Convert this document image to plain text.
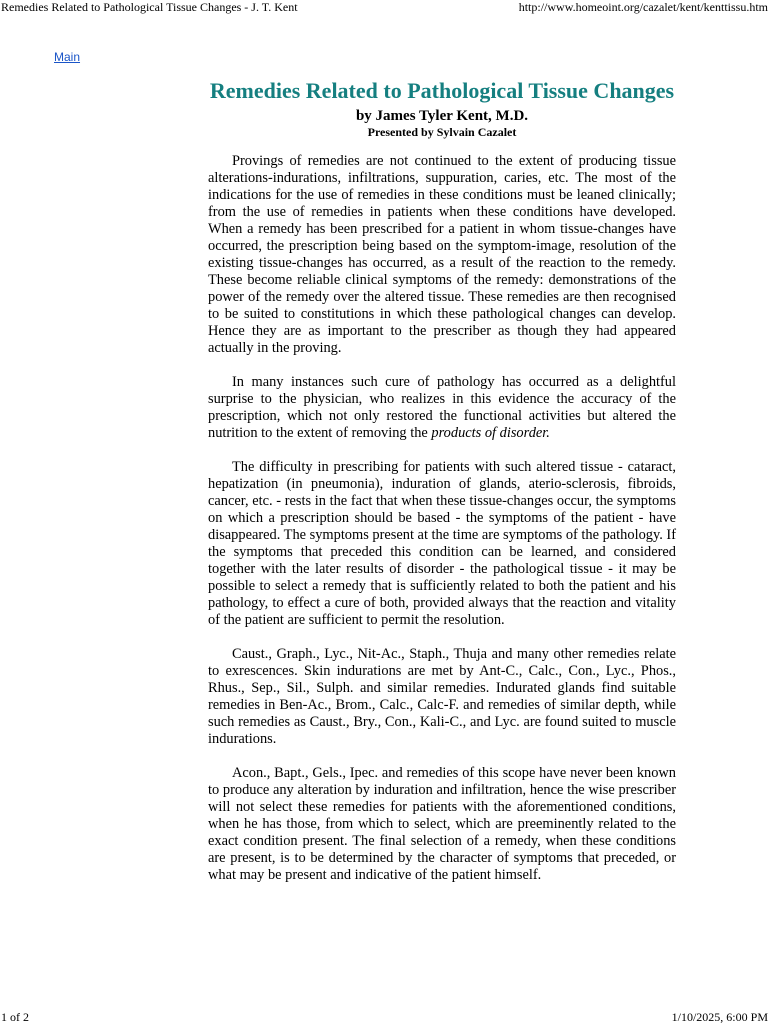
Remedies Related to Pathological Tissue Changes - J. T. Kent	http://www.homeoint.org/cazalet/kent/kenttissu.htm
Main
Remedies Related to Pathological Tissue Changes
by James Tyler Kent, M.D.
Presented by Sylvain Cazalet

Provings of remedies are not continued to the extent of producing tissue alterations-indurations, infiltrations, suppuration, caries, etc. The most of the indications for the use of remedies in these conditions must be leaned clinically; from the use of remedies in patients when these conditions have developed. When a remedy has been prescribed for a patient in whom tissue-changes have occurred, the prescription being based on the symptom-image, resolution of the existing tissue-changes has occurred, as a result of the reaction to the remedy. These become reliable clinical symptoms of the remedy: demonstrations of the power of the remedy over the altered tissue. These remedies are then recognised to be suited to constitutions in which these pathological changes can develop. Hence they are as important to the prescriber as though they had appeared actually in the proving.

In many instances such cure of pathology has occurred as a delightful surprise to the physician, who realizes in this evidence the accuracy of the prescription, which not only restored the functional activities but altered the nutrition to the extent of removing the products of disorder.

The difficulty in prescribing for patients with such altered tissue - cataract, hepatization (in pneumonia), induration of glands, aterio-sclerosis, fibroids, cancer, etc. - rests in the fact that when these tissue-changes occur, the symptoms on which a prescription should be based - the symptoms of the patient - have disappeared. The symptoms present at the time are symptoms of the pathology. If the symptoms that preceded this condition can be learned, and considered together with the later results of disorder - the pathological tissue - it may be possible to select a remedy that is sufficiently related to both the patient and his pathology, to effect a cure of both, provided always that the reaction and vitality of the patient are sufficient to permit the resolution.

Caust., Graph., Lyc., Nit-Ac., Staph., Thuja and many other remedies relate to exrescences. Skin indurations are met by Ant-C., Calc., Con., Lyc., Phos., Rhus., Sep., Sil., Sulph. and similar remedies. Indurated glands find suitable remedies in Ben-Ac., Brom., Calc., Calc-F. and remedies of similar depth, while such remedies as Caust., Bry., Con., Kali-C., and Lyc. are found suited to muscle indurations.

Acon., Bapt., Gels., Ipec. and remedies of this scope have never been known to produce any alteration by induration and infiltration, hence the wise prescriber will not select these remedies for patients with the aforementioned conditions, when he has those, from which to select, which are preeminently related to the exact condition present. The final selection of a remedy, when these conditions are present, is to be determined by the character of symptoms that preceded, or what may be present and indicative of the patient himself.

1 of 2	1/10/2025, 6:00 PM
